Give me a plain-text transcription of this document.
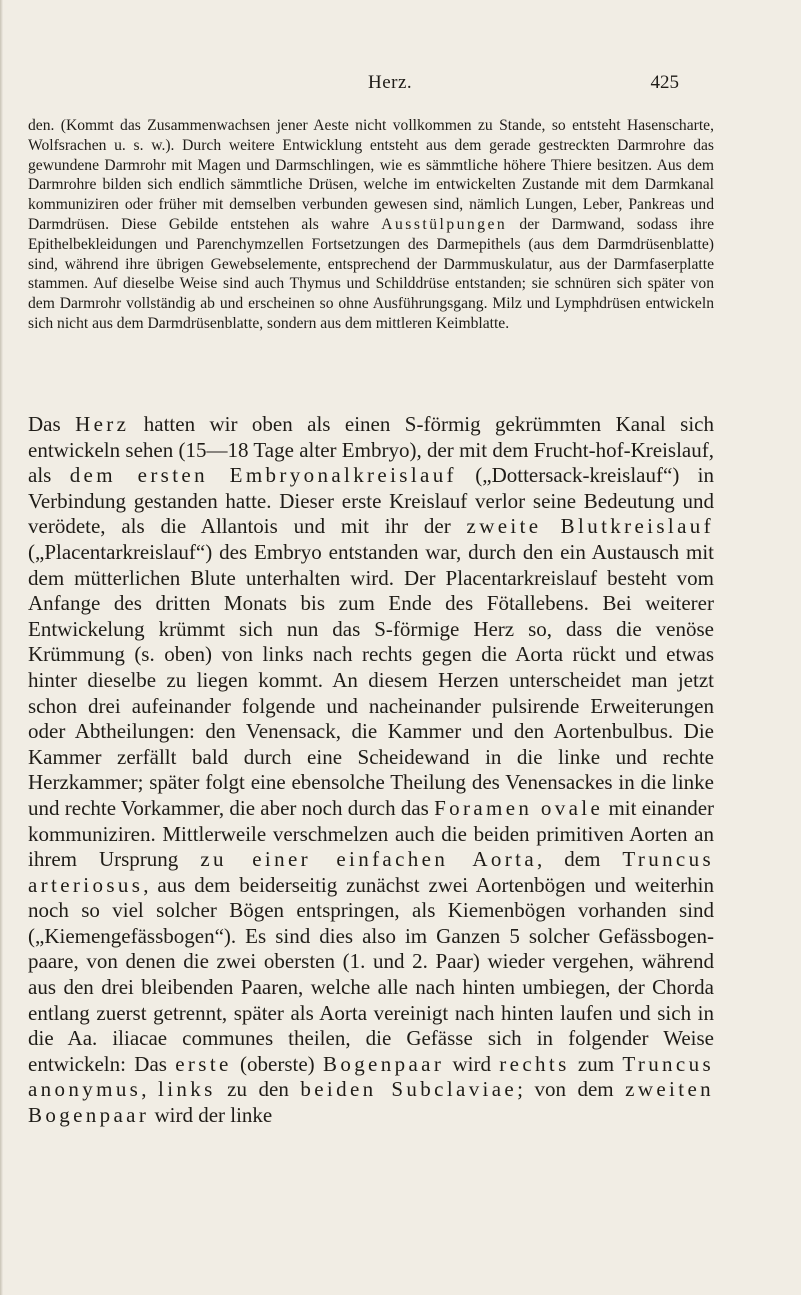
Herz.	425

den. (Kommt das Zusammenwachsen jener Aeste nicht vollkommen zu Stande, so entsteht Hasenscharte, Wolfsrachen u. s. w.). Durch weitere Entwicklung entsteht aus dem gerade gestreckten Darmrohre das gewundene Darmrohr mit Magen und Darmschlingen, wie es sämmtliche höhere Thiere besitzen. Aus dem Darmrohre bilden sich endlich sämmtliche Drüsen, welche im entwickelten Zustande mit dem Darmkanal kommuniziren oder früher mit demselben verbunden gewesen sind, nämlich Lungen, Leber, Pankreas und Darmdrüsen. Diese Gebilde entstehen als wahre Ausstülpungen der Darmwand, sodass ihre Epithelbekleidungen und Parenchymzellen Fortsetzungen des Darmepithels (aus dem Darmdrüsenblatte) sind, während ihre übrigen Gewebselemente, entsprechend der Darmmuskulatur, aus der Darmfaserplatte stammen. Auf dieselbe Weise sind auch Thymus und Schilddrüse entstanden; sie schnüren sich später von dem Darmrohr vollständig ab und erscheinen so ohne Ausführungsgang. Milz und Lymphdrüsen entwickeln sich nicht aus dem Darmdrüsenblatte, sondern aus dem mittleren Keimblatte.

Das Herz hatten wir oben als einen S-förmig gekrümmten Kanal sich entwickeln sehen (15—18 Tage alter Embryo), der mit dem Frucht-hof-Kreislauf, als dem ersten Embryonalkreislauf („Dottersack-kreislauf“) in Verbindung gestanden hatte. Dieser erste Kreislauf verlor seine Bedeutung und verödete, als die Allantois und mit ihr der zweite Blutkreislauf („Placentarkreislauf“) des Embryo entstanden war, durch den ein Austausch mit dem mütterlichen Blute unterhalten wird. Der Placentarkreislauf besteht vom Anfange des dritten Monats bis zum Ende des Fötallebens. Bei weiterer Entwickelung krümmt sich nun das S-förmige Herz so, dass die venöse Krümmung (s. oben) von links nach rechts gegen die Aorta rückt und etwas hinter dieselbe zu liegen kommt. An diesem Herzen unterscheidet man jetzt schon drei aufeinander folgende und nacheinander pulsirende Erweiterungen oder Abtheilungen: den Venensack, die Kammer und den Aortenbulbus. Die Kammer zerfällt bald durch eine Scheidewand in die linke und rechte Herzkammer; später folgt eine ebensolche Theilung des Venensackes in die linke und rechte Vorkammer, die aber noch durch das Foramen ovale mit einander kommuniziren. Mittlerweile verschmelzen auch die beiden primitiven Aorten an ihrem Ursprung zu einer einfachen Aorta, dem Truncus arteriosus, aus dem beiderseitig zunächst zwei Aortenbögen und weiterhin noch so viel solcher Bögen entspringen, als Kiemenbögen vorhanden sind („Kiemengefässbogen“). Es sind dies also im Ganzen 5 solcher Gefässbogen-paare, von denen die zwei obersten (1. und 2. Paar) wieder vergehen, während aus den drei bleibenden Paaren, welche alle nach hinten umbiegen, der Chorda entlang zuerst getrennt, später als Aorta vereinigt nach hinten laufen und sich in die Aa. iliacae communes theilen, die Gefässe sich in folgender Weise entwickeln: Das erste (oberste) Bogenpaar wird rechts zum Truncus anonymus, links zu den beiden Subclaviae; von dem zweiten Bogenpaar wird der linke
